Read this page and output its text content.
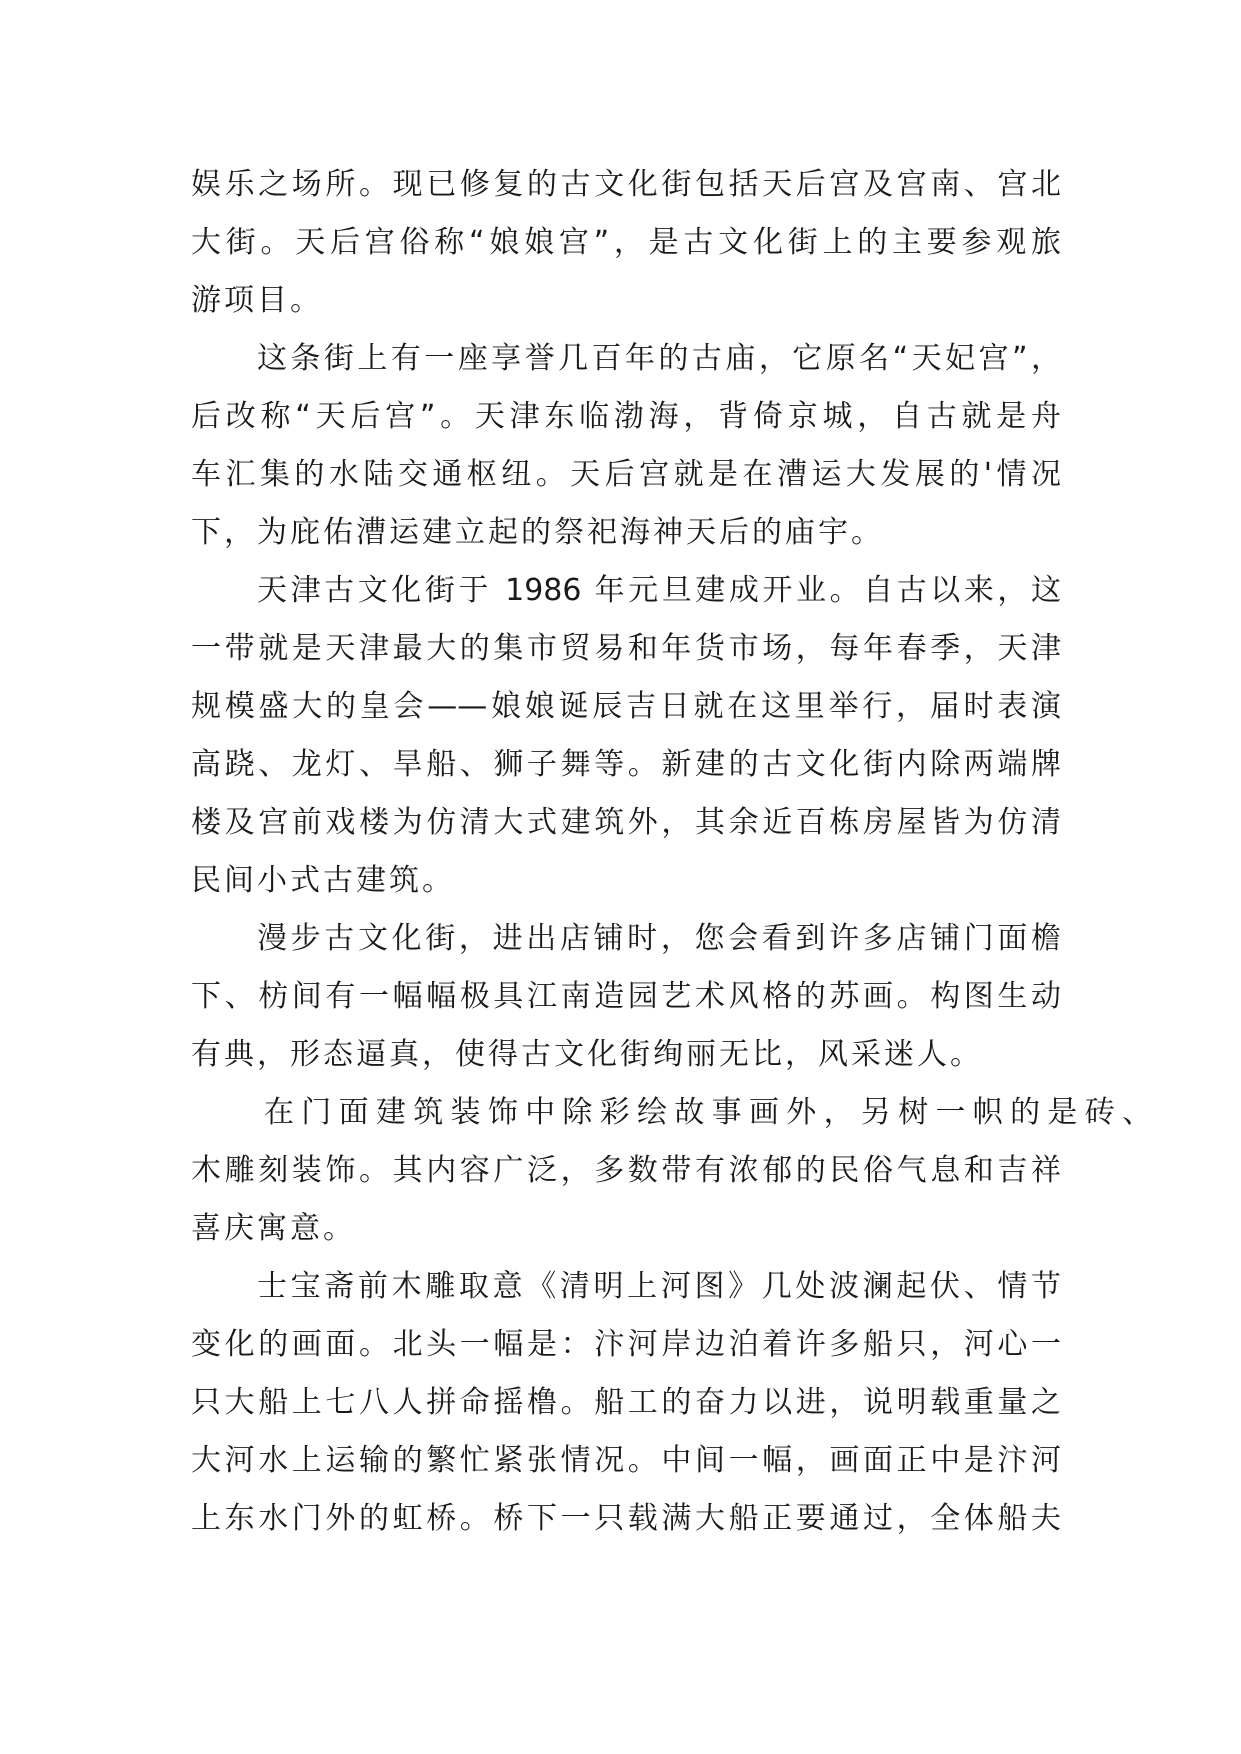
娱乐之场所。现已修复的古文化街包括天后宫及宫南、宫北
大街。天后宫俗称“娘娘宫”，是古文化街上的主要参观旅
游项目。
这条街上有一座享誉几百年的古庙，它原名“天妃宫”，
后改称“天后宫”。天津东临渤海，背倚京城，自古就是舟
车汇集的水陆交通枢纽。天后宫就是在漕运大发展的'情况
下，为庇佑漕运建立起的祭祀海神天后的庙宇。
天津古文化街于 1986 年元旦建成开业。自古以来，这
一带就是天津最大的集市贸易和年货市场，每年春季，天津
规模盛大的皇会——娘娘诞辰吉日就在这里举行，届时表演
高跷、龙灯、旱船、狮子舞等。新建的古文化街内除两端牌
楼及宫前戏楼为仿清大式建筑外，其余近百栋房屋皆为仿清
民间小式古建筑。
漫步古文化街，进出店铺时，您会看到许多店铺门面檐
下、枋间有一幅幅极具江南造园艺术风格的苏画。构图生动
有典，形态逼真，使得古文化街绚丽无比，风采迷人。
在门面建筑装饰中除彩绘故事画外，另树一帜的是砖、
木雕刻装饰。其内容广泛，多数带有浓郁的民俗气息和吉祥
喜庆寓意。
士宝斋前木雕取意《清明上河图》几处波澜起伏、情节
变化的画面。北头一幅是：汴河岸边泊着许多船只，河心一
只大船上七八人拼命摇橹。船工的奋力以进，说明载重量之
大河水上运输的繁忙紧张情况。中间一幅，画面正中是汴河
上东水门外的虹桥。桥下一只载满大船正要通过，全体船夫
